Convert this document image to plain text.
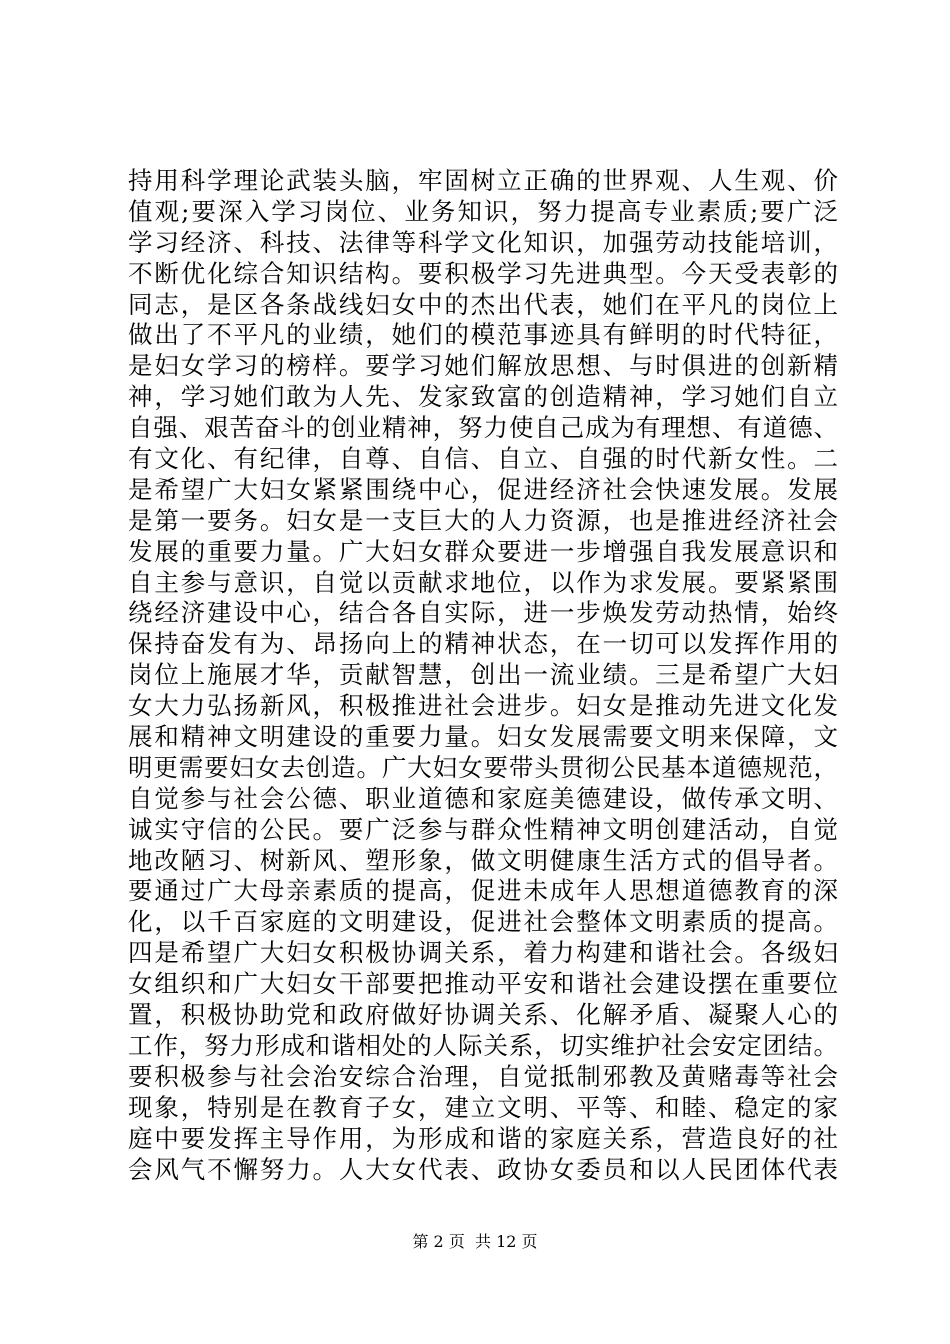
持用科学理论武装头脑，牢固树立正确的世界观、人生观、价
值观;要深入学习岗位、业务知识，努力提高专业素质;要广泛
学习经济、科技、法律等科学文化知识，加强劳动技能培训，
不断优化综合知识结构。要积极学习先进典型。今天受表彰的
同志，是区各条战线妇女中的杰出代表，她们在平凡的岗位上
做出了不平凡的业绩，她们的模范事迹具有鲜明的时代特征，
是妇女学习的榜样。要学习她们解放思想、与时俱进的创新精
神，学习她们敢为人先、发家致富的创造精神，学习她们自立
自强、艰苦奋斗的创业精神，努力使自己成为有理想、有道德、
有文化、有纪律，自尊、自信、自立、自强的时代新女性。二
是希望广大妇女紧紧围绕中心，促进经济社会快速发展。发展
是第一要务。妇女是一支巨大的人力资源，也是推进经济社会
发展的重要力量。广大妇女群众要进一步增强自我发展意识和
自主参与意识，自觉以贡献求地位，以作为求发展。要紧紧围
绕经济建设中心，结合各自实际，进一步焕发劳动热情，始终
保持奋发有为、昂扬向上的精神状态，在一切可以发挥作用的
岗位上施展才华，贡献智慧，创出一流业绩。三是希望广大妇
女大力弘扬新风，积极推进社会进步。妇女是推动先进文化发
展和精神文明建设的重要力量。妇女发展需要文明来保障，文
明更需要妇女去创造。广大妇女要带头贯彻公民基本道德规范，
自觉参与社会公德、职业道德和家庭美德建设，做传承文明、
诚实守信的公民。要广泛参与群众性精神文明创建活动，自觉
地改陋习、树新风、塑形象，做文明健康生活方式的倡导者。
要通过广大母亲素质的提高，促进未成年人思想道德教育的深
化，以千百家庭的文明建设，促进社会整体文明素质的提高。
四是希望广大妇女积极协调关系，着力构建和谐社会。各级妇
女组织和广大妇女干部要把推动平安和谐社会建设摆在重要位
置，积极协助党和政府做好协调关系、化解矛盾、凝聚人心的
工作，努力形成和谐相处的人际关系，切实维护社会安定团结。
要积极参与社会治安综合治理，自觉抵制邪教及黄赌毒等社会
现象，特别是在教育子女，建立文明、平等、和睦、稳定的家
庭中要发挥主导作用，为形成和谐的家庭关系，营造良好的社
会风气不懈努力。人大女代表、政协女委员和以人民团体代表
第 2 页  共 12 页
